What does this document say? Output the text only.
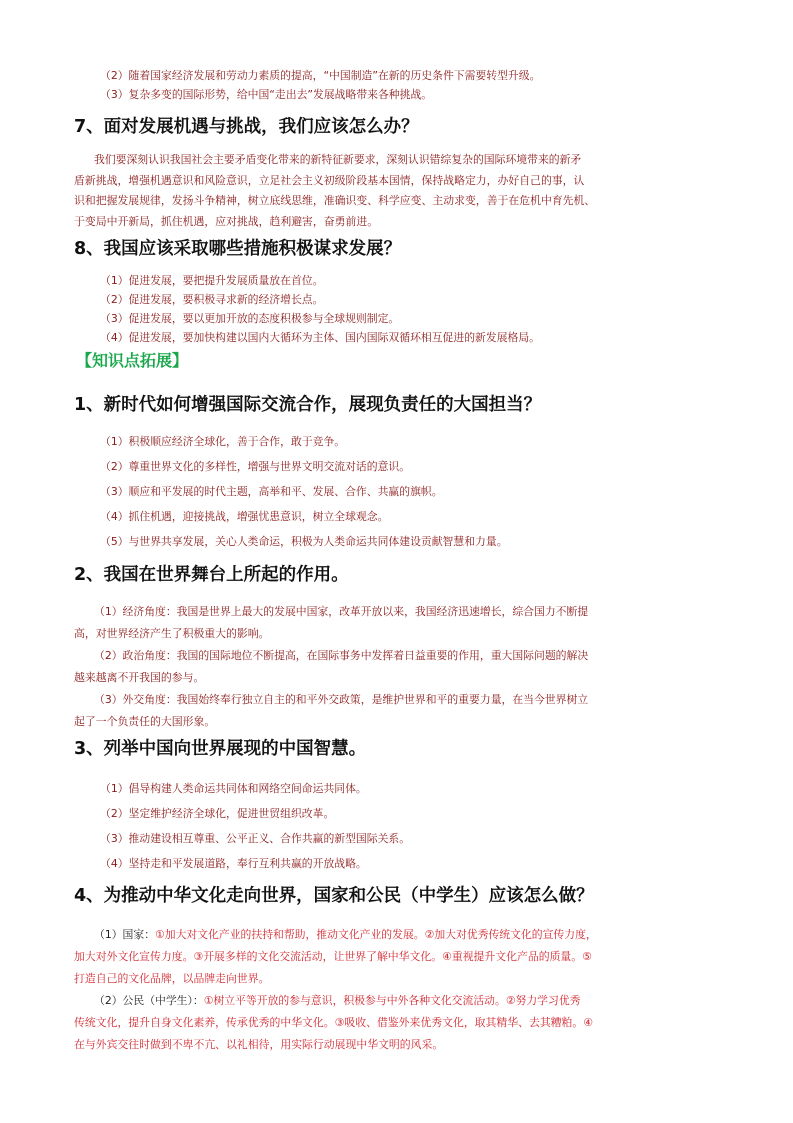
（2）随着国家经济发展和劳动力素质的提高，“中国制造”在新的历史条件下需要转型升级。
（3）复杂多变的国际形势，给中国“走出去”发展战略带来各种挑战。
7、面对发展机遇与挑战，我们应该怎么办？
我们要深刻认识我国社会主要矛盾变化带来的新特征新要求，深刻认识错综复杂的国际环境带来的新矛
盾新挑战，增强机遇意识和风险意识，立足社会主义初级阶段基本国情，保持战略定力，办好自己的事，认
识和把握发展规律，发扬斗争精神，树立底线思维，准确识变、科学应变、主动求变，善于在危机中育先机、
于变局中开新局，抓住机遇，应对挑战，趋利避害，奋勇前进。
8、我国应该采取哪些措施积极谋求发展？
（1）促进发展，要把提升发展质量放在首位。
（2）促进发展，要积极寻求新的经济增长点。
（3）促进发展，要以更加开放的态度积极参与全球规则制定。
（4）促进发展，要加快构建以国内大循环为主体、国内国际双循环相互促进的新发展格局。
【知识点拓展】
1、新时代如何增强国际交流合作，展现负责任的大国担当？
（1）积极顺应经济全球化，善于合作，敢于竞争。
（2）尊重世界文化的多样性，增强与世界文明交流对话的意识。
（3）顺应和平发展的时代主题，高举和平、发展、合作、共赢的旗帜。
（4）抓住机遇，迎接挑战，增强忧患意识，树立全球观念。
（5）与世界共享发展，关心人类命运，积极为人类命运共同体建设贡献智慧和力量。
2、我国在世界舞台上所起的作用。
（1）经济角度：我国是世界上最大的发展中国家，改革开放以来，我国经济迅速增长，综合国力不断提
高，对世界经济产生了积极重大的影响。
（2）政治角度：我国的国际地位不断提高，在国际事务中发挥着日益重要的作用，重大国际问题的解决
越来越离不开我国的参与。
（3）外交角度：我国始终奉行独立自主的和平外交政策，是维护世界和平的重要力量，在当今世界树立
起了一个负责任的大国形象。
3、列举中国向世界展现的中国智慧。
（1）倡导构建人类命运共同体和网络空间命运共同体。
（2）坚定维护经济全球化，促进世贸组织改革。
（3）推动建设相互尊重、公平正义、合作共赢的新型国际关系。
（4）坚持走和平发展道路，奉行互利共赢的开放战略。
4、为推动中华文化走向世界，国家和公民（中学生）应该怎么做？
（1）国家：①加大对文化产业的扶持和帮助，推动文化产业的发展。②加大对优秀传统文化的宣传力度，
加大对外文化宣传力度。③开展多样的文化交流活动，让世界了解中华文化。④重视提升文化产品的质量。⑤
打造自己的文化品牌，以品牌走向世界。
（2）公民（中学生）：①树立平等开放的参与意识，积极参与中外各种文化交流活动。②努力学习优秀
传统文化，提升自身文化素养，传承优秀的中华文化。③吸收、借鉴外来优秀文化，取其精华、去其糟粕。④
在与外宾交往时做到不卑不亢、以礼相待，用实际行动展现中华文明的风采。
